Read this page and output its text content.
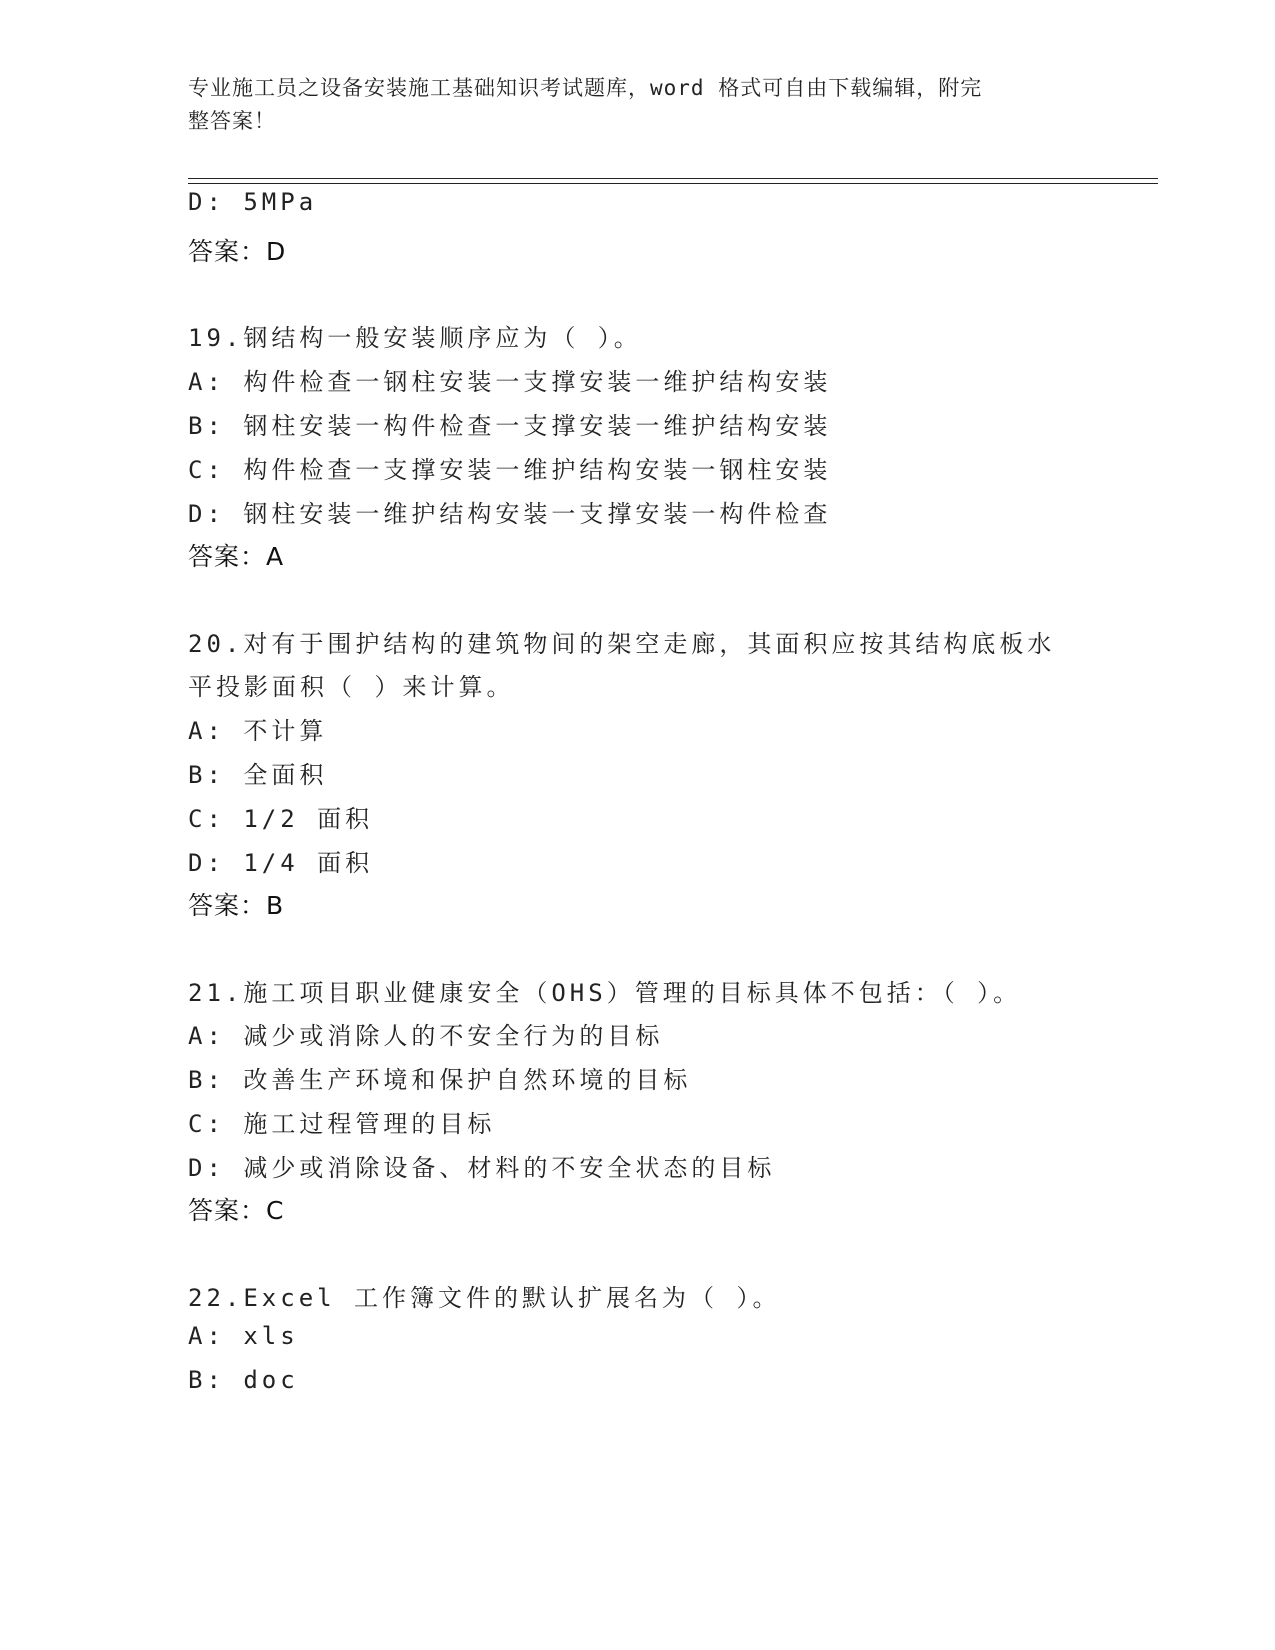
专业施工员之设备安装施工基础知识考试题库，word 格式可自由下载编辑，附完
整答案！
D: 5MPa
答案：D
19.钢结构一般安装顺序应为（ ）。
A: 构件检查一钢柱安装一支撑安装一维护结构安装
B: 钢柱安装一构件检查一支撑安装一维护结构安装
C: 构件检查一支撑安装一维护结构安装一钢柱安装
D: 钢柱安装一维护结构安装一支撑安装一构件检查
答案：A
20.对有于围护结构的建筑物间的架空走廊，其面积应按其结构底板水
平投影面积（ ）来计算。
A: 不计算
B: 全面积
C: 1/2 面积
D: 1/4 面积
答案：B
21.施工项目职业健康安全（OHS）管理的目标具体不包括：（ ）。
A: 减少或消除人的不安全行为的目标
B: 改善生产环境和保护自然环境的目标
C: 施工过程管理的目标
D: 减少或消除设备、材料的不安全状态的目标
答案：C
22.Excel 工作簿文件的默认扩展名为（ ）。
A: xls
B: doc
